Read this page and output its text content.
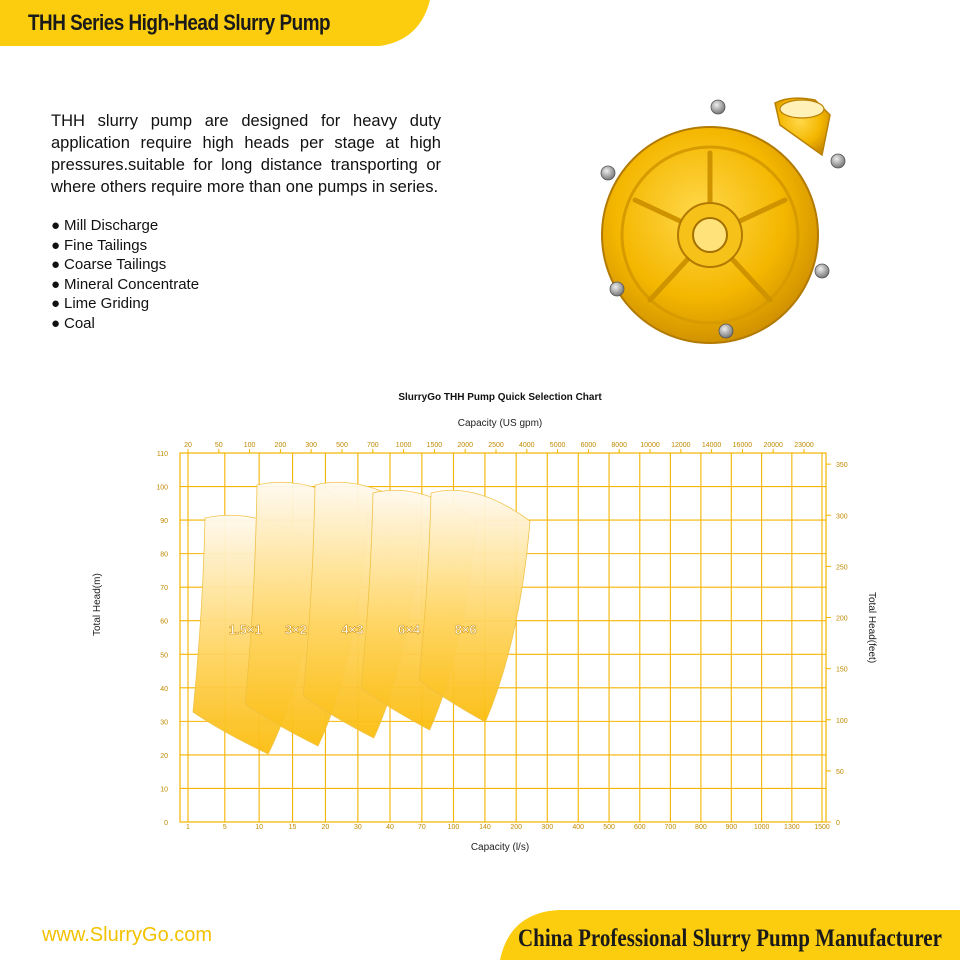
THH Series High-Head Slurry Pump
THH slurry pump are designed for heavy duty application require high heads per stage at high pressures.suitable for long distance transporting or where others require more than one pumps in series.
● Mill Discharge
● Fine Tailings
● Coarse Tailings
● Mineral Concentrate
● Lime Griding
● Coal
SlurryGo THH Pump Quick Selection Chart
Capacity (US gpm)
Total Head(m)	Total Head(feet)
0
10
20
30
40
50
60
70
80
90
100
110
0
50
100
150
200
250
300
350
1	5	10	15	20	30	40	70	100	140	200	300	400	500	600	700	800	900 1000 1300 1500
20	50	100	200	300	500	700 1000 1500 2000 2500 4000 5000 6000 8000 10000 12000 14000 16000 20000 23000
1.5×1 3×2	4×3	6×4	8×6
Capacity (l/s)
www.SlurryGo.com	China Professional Slurry Pump Manufacturer
